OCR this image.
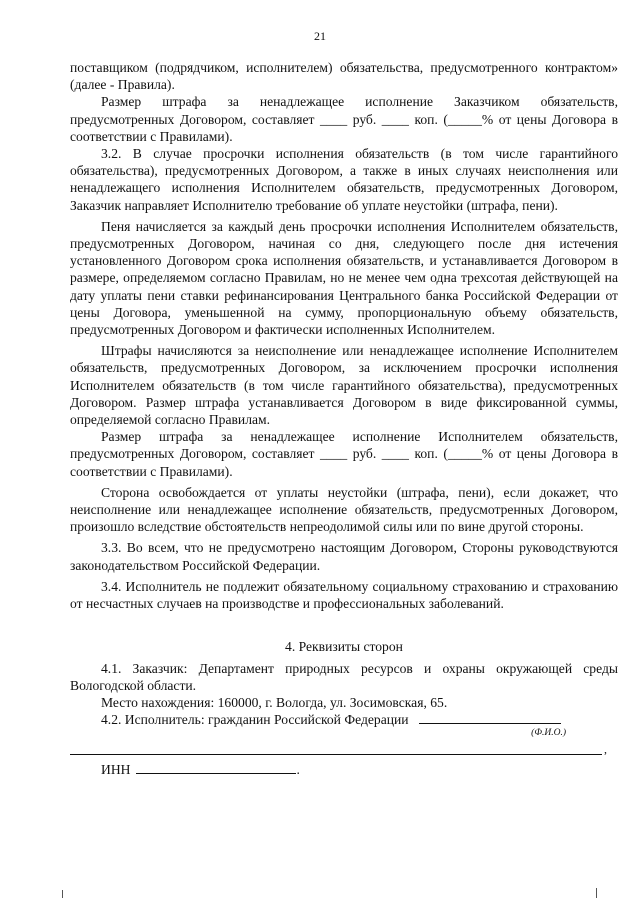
21

поставщиком (подрядчиком, исполнителем) обязательства, предусмотренного контрактом» (далее - Правила).

Размер штрафа за ненадлежащее исполнение Заказчиком обязательств, предусмотренных Договором, составляет ____ руб. ____ коп. (_____% от цены Договора в соответствии с Правилами).

3.2. В случае просрочки исполнения обязательств (в том числе гарантийного обязательства), предусмотренных Договором, а также в иных случаях неисполнения или ненадлежащего исполнения Исполнителем обязательств, предусмотренных Договором, Заказчик направляет Исполнителю требование об уплате неустойки (штрафа, пени).

Пеня начисляется за каждый день просрочки исполнения Исполнителем обязательств, предусмотренных Договором, начиная со дня, следующего после дня истечения установленного Договором срока исполнения обязательств, и устанавливается Договором в размере, определяемом согласно Правилам, но не менее чем одна трехсотая действующей на дату уплаты пени ставки рефинансирования Центрального банка Российской Федерации от цены Договора, уменьшенной на сумму, пропорциональную объему обязательств, предусмотренных Договором и фактически исполненных Исполнителем.

Штрафы начисляются за неисполнение или ненадлежащее исполнение Исполнителем обязательств, предусмотренных Договором, за исключением просрочки исполнения Исполнителем обязательств (в том числе гарантийного обязательства), предусмотренных Договором. Размер штрафа устанавливается Договором в виде фиксированной суммы, определяемой согласно Правилам.

Размер штрафа за ненадлежащее исполнение Исполнителем обязательств, предусмотренных Договором, составляет ____ руб. ____ коп. (_____% от цены Договора в соответствии с Правилами).

Сторона освобождается от уплаты неустойки (штрафа, пени), если докажет, что неисполнение или ненадлежащее исполнение обязательств, предусмотренных Договором, произошло вследствие обстоятельств непреодолимой силы или по вине другой стороны.

3.3. Во всем, что не предусмотрено настоящим Договором, Стороны руководствуются законодательством Российской Федерации.

3.4. Исполнитель не подлежит обязательному социальному страхованию и страхованию от несчастных случаев на производстве и профессиональных заболеваний.

4. Реквизиты сторон

4.1. Заказчик: Департамент природных ресурсов и охраны окружающей среды Вологодской области.

Место нахождения: 160000, г. Вологда, ул. Зосимовская, 65.

4.2. Исполнитель: гражданин Российской Федерации

(Ф.И.О.)
,
ИНН	.
